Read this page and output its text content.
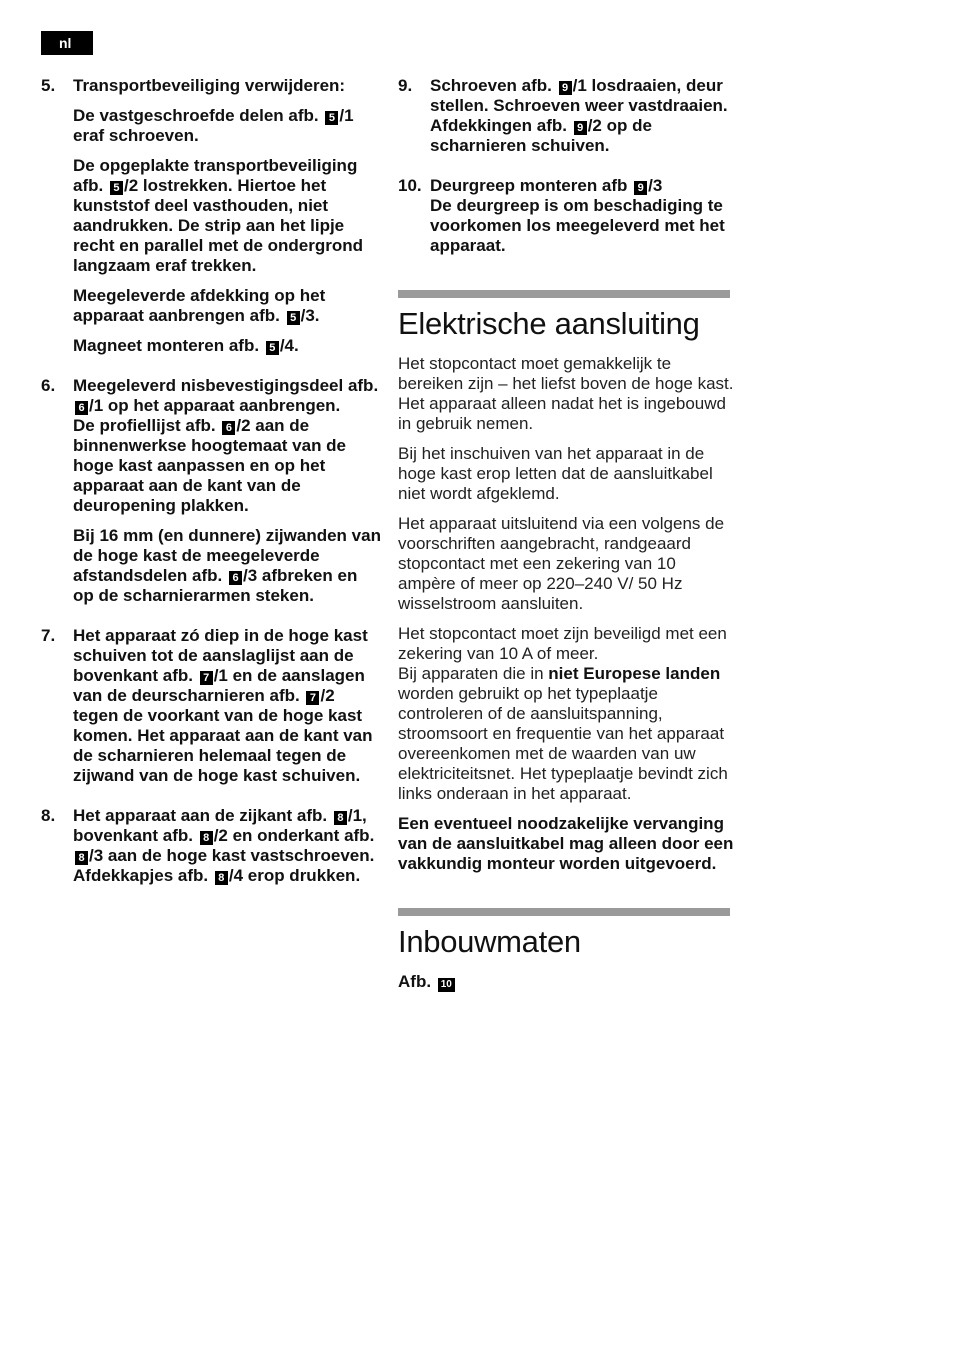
nl
5. Transportbeveiliging verwijderen:

De vastgeschroefde delen afb. 5 /1 eraf schroeven.

De opgeplakte transportbeveiliging afb. 5 /2 lostrekken. Hiertoe het kunststof deel vasthouden, niet aandrukken. De strip aan het lipje recht en parallel met de ondergrond langzaam eraf trekken.

Meegeleverde afdekking op het apparaat aanbrengen afb. 5 /3.

Magneet monteren afb. 5 /4.

6. Meegeleverd nisbevestigingsdeel afb. 6 /1 op het apparaat aanbrengen.

De profiellijst afb. 6 /2 aan de binnenwerkse hoogtemaat van de hoge kast aanpassen en op het apparaat aan de kant van de deuropening plakken.

Bij 16 mm (en dunnere) zijwanden van de hoge kast de meegeleverde afstandsdelen afb. 6 /3 afbreken en op de scharnierarmen steken.

7. Het apparaat zó diep in de hoge kast schuiven tot de aanslaglijst aan de bovenkant afb. 7 /1 en de aanslagen van de deurscharnieren afb. 7 /2 tegen de voorkant van de hoge kast komen. Het apparaat aan de kant van de scharnieren helemaal tegen de zijwand van de hoge kast schuiven.

8. Het apparaat aan de zijkant afb. 8 /1, bovenkant afb. 8 /2 en onderkant afb. 8 /3 aan de hoge kast vastschroeven.

Afdekkapjes afb. 8 /4 erop drukken.

9. Schroeven afb. 9 /1 losdraaien, deur stellen. Schroeven weer vastdraaien. Afdekkingen afb. 9 /2 op de scharnieren schuiven.

10. Deurgreep monteren afb 9 /3

De deurgreep is om beschadiging te voorkomen los meegeleverd met het apparaat.

Elektrische aansluiting

Het stopcontact moet gemakkelijk te bereiken zijn – het liefst boven de hoge kast. Het apparaat alleen nadat het is ingebouwd in gebruik nemen.

Bij het inschuiven van het apparaat in de hoge kast erop letten dat de aansluitkabel niet wordt afgeklemd.

Het apparaat uitsluitend via een volgens de voorschriften aangebracht, randgeaard stopcontact met een zekering van 10 ampère of meer op 220–240 V/ 50 Hz wisselstroom aansluiten.

Het stopcontact moet zijn beveiligd met een zekering van 10 A of meer.

Bij apparaten die in niet Europese landen worden gebruikt op het typeplaatje controleren of de aansluitspanning, stroomsoort en frequentie van het apparaat overeenkomen met de waarden van uw elektriciteitsnet. Het typeplaatje bevindt zich links onderaan in het apparaat.

Een eventueel noodzakelijke vervanging van de aansluitkabel mag alleen door een vakkundig monteur worden uitgevoerd.

Inbouwmaten

Afb. 10
